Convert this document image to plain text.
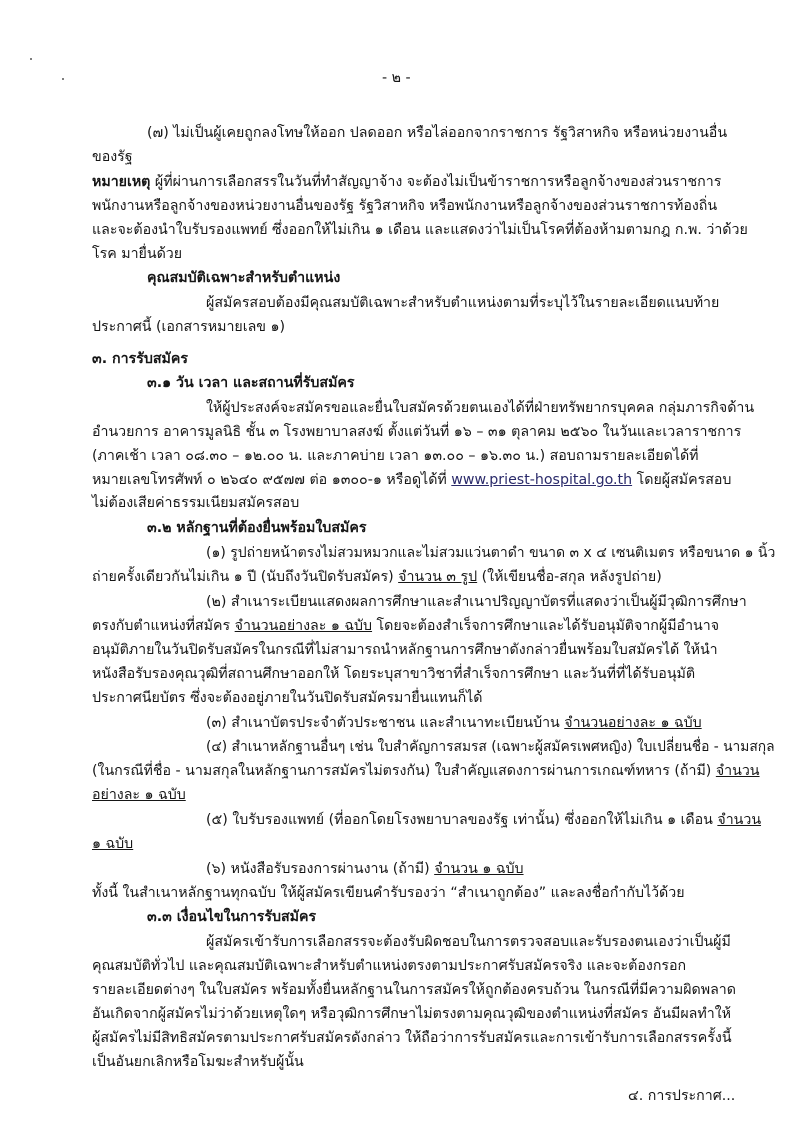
- ๒ -
(๗) ไม่เป็นผู้เคยถูกลงโทษให้ออก ปลดออก หรือไล่ออกจากราชการ รัฐวิสาหกิจ หรือหน่วยงานอื่น
ของรัฐ
หมายเหตุ ผู้ที่ผ่านการเลือกสรรในวันที่ทำสัญญาจ้าง จะต้องไม่เป็นข้าราชการหรือลูกจ้างของส่วนราชการ
พนักงานหรือลูกจ้างของหน่วยงานอื่นของรัฐ รัฐวิสาหกิจ หรือพนักงานหรือลูกจ้างของส่วนราชการท้องถิ่น
และจะต้องนำใบรับรองแพทย์ ซึ่งออกให้ไม่เกิน ๑ เดือน และแสดงว่าไม่เป็นโรคที่ต้องห้ามตามกฎ ก.พ. ว่าด้วย
โรค มายื่นด้วย
คุณสมบัติเฉพาะสำหรับตำแหน่ง
ผู้สมัครสอบต้องมีคุณสมบัติเฉพาะสำหรับตำแหน่งตามที่ระบุไว้ในรายละเอียดแนบท้าย
ประกาศนี้ (เอกสารหมายเลข ๑)
๓. การรับสมัคร
๓.๑ วัน เวลา และสถานที่รับสมัคร
ให้ผู้ประสงค์จะสมัครขอและยื่นใบสมัครด้วยตนเองได้ที่ฝ่ายทรัพยากรบุคคล กลุ่มภารกิจด้าน
อำนวยการ อาคารมูลนิธิ ชั้น ๓ โรงพยาบาลสงฆ์ ตั้งแต่วันที่ ๑๖ – ๓๑ ตุลาคม ๒๕๖๐ ในวันและเวลาราชการ
(ภาคเช้า เวลา ๐๘.๓๐ – ๑๒.๐๐ น. และภาคบ่าย เวลา ๑๓.๐๐ – ๑๖.๓๐ น.) สอบถามรายละเอียดได้ที่
หมายเลขโทรศัพท์ ๐ ๒๖๔๐ ๙๕๗๗ ต่อ ๑๓๐๐-๑ หรือดูได้ที่ www.priest-hospital.go.th โดยผู้สมัครสอบ
ไม่ต้องเสียค่าธรรมเนียมสมัครสอบ
๓.๒ หลักฐานที่ต้องยื่นพร้อมใบสมัคร
(๑) รูปถ่ายหน้าตรงไม่สวมหมวกและไม่สวมแว่นตาดำ ขนาด ๓ x ๔ เซนติเมตร หรือขนาด ๑ นิ้ว
ถ่ายครั้งเดียวกันไม่เกิน ๑ ปี (นับถึงวันปิดรับสมัคร) จำนวน ๓ รูป (ให้เขียนชื่อ-สกุล หลังรูปถ่าย)
(๒) สำเนาระเบียนแสดงผลการศึกษาและสำเนาปริญญาบัตรที่แสดงว่าเป็นผู้มีวุฒิการศึกษา
ตรงกับตำแหน่งที่สมัคร จำนวนอย่างละ ๑ ฉบับ โดยจะต้องสำเร็จการศึกษาและได้รับอนุมัติจากผู้มีอำนาจ
อนุมัติภายในวันปิดรับสมัครในกรณีที่ไม่สามารถนำหลักฐานการศึกษาดังกล่าวยื่นพร้อมใบสมัครได้ ให้นำ
หนังสือรับรองคุณวุฒิที่สถานศึกษาออกให้ โดยระบุสาขาวิชาที่สำเร็จการศึกษา และวันที่ที่ได้รับอนุมัติ
ประกาศนียบัตร ซึ่งจะต้องอยู่ภายในวันปิดรับสมัครมายื่นแทนก็ได้
(๓) สำเนาบัตรประจำตัวประชาชน และสำเนาทะเบียนบ้าน จำนวนอย่างละ ๑ ฉบับ
(๔) สำเนาหลักฐานอื่นๆ เช่น ใบสำคัญการสมรส (เฉพาะผู้สมัครเพศหญิง) ใบเปลี่ยนชื่อ - นามสกุล
(ในกรณีที่ชื่อ - นามสกุลในหลักฐานการสมัครไม่ตรงกัน) ใบสำคัญแสดงการผ่านการเกณฑ์ทหาร (ถ้ามี) จำนวน
อย่างละ ๑ ฉบับ
(๕) ใบรับรองแพทย์ (ที่ออกโดยโรงพยาบาลของรัฐ เท่านั้น) ซึ่งออกให้ไม่เกิน ๑ เดือน จำนวน
๑ ฉบับ
(๖) หนังสือรับรองการผ่านงาน (ถ้ามี) จำนวน ๑ ฉบับ
ทั้งนี้ ในสำเนาหลักฐานทุกฉบับ ให้ผู้สมัครเขียนคำรับรองว่า “สำเนาถูกต้อง” และลงชื่อกำกับไว้ด้วย
๓.๓ เงื่อนไขในการรับสมัคร
ผู้สมัครเข้ารับการเลือกสรรจะต้องรับผิดชอบในการตรวจสอบและรับรองตนเองว่าเป็นผู้มี
คุณสมบัติทั่วไป และคุณสมบัติเฉพาะสำหรับตำแหน่งตรงตามประกาศรับสมัครจริง และจะต้องกรอก
รายละเอียดต่างๆ ในใบสมัคร พร้อมทั้งยื่นหลักฐานในการสมัครให้ถูกต้องครบถ้วน ในกรณีที่มีความผิดพลาด
อันเกิดจากผู้สมัครไม่ว่าด้วยเหตุใดๆ หรือวุฒิการศึกษาไม่ตรงตามคุณวุฒิของตำแหน่งที่สมัคร อันมีผลทำให้
ผู้สมัครไม่มีสิทธิสมัครตามประกาศรับสมัครดังกล่าว ให้ถือว่าการรับสมัครและการเข้ารับการเลือกสรรครั้งนี้
เป็นอันยกเลิกหรือโมฆะสำหรับผู้นั้น
๔. การประกาศ...
